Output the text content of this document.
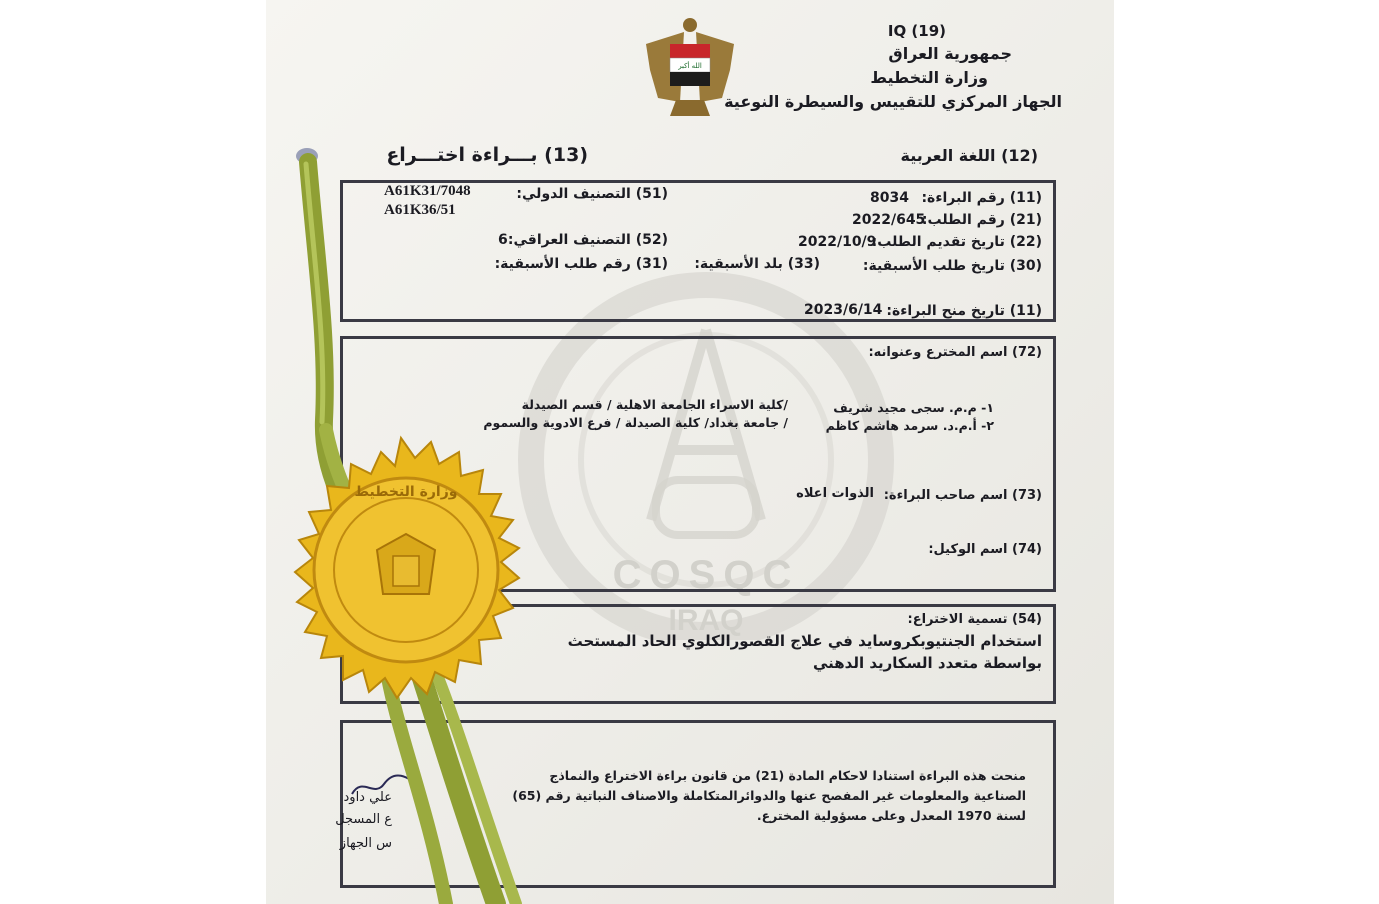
COSQC
IRAQ
الله أكبر
IQ (19)
جمهورية العراق
وزارة التخطيط
الجهاز المركزي للتقييس والسيطرة النوعية
(12) اللغة العربية
(13) بـــراءة اختـــراع
(11) رقم البراءة:
8034
(51) التصنيف الدولي:
A61K31/7048
A61K36/51
(21) رقم الطلب:
2022/645
(22) تاريخ تقديم الطلب:
2022/10/9
(52) التصنيف العراقي:
6
(30) تاريخ طلب الأسبقية:
(33) بلد الأسبقية:
(31) رقم طلب الأسبقية:
(11) تاريخ منح البراءة:
2023/6/14
(72) اسم المخترع وعنوانه:
١- م.م. سجى مجيد شريف
/كلية الاسراء الجامعة الاهلية / قسم الصيدلة
٢- أ.م.د. سرمد هاشم كاظم
/ جامعة بغداد/ كلية الصيدلة / فرع الادوية والسموم
(73) اسم صاحب البراءة:
الذوات اعلاه
(74) اسم الوكيل:
(54) تسمية الاختراع:
استخدام الجنتيوبكروسايد في علاج القصورالكلوي الحاد المستحث
بواسطة متعدد السكاريد الدهني
منحت هذه البراءة استنادا لاحكام المادة (21) من قانون براءة الاختراع والنماذج
الصناعية والمعلومات غير المفصح عنها والدوائرالمتكاملة والاصناف النباتية رقم (65)
لسنة 1970 المعدل وعلى مسؤولية المخترع.
علي داود
ع المسجل
س الجهاز
وزارة التخطيط
